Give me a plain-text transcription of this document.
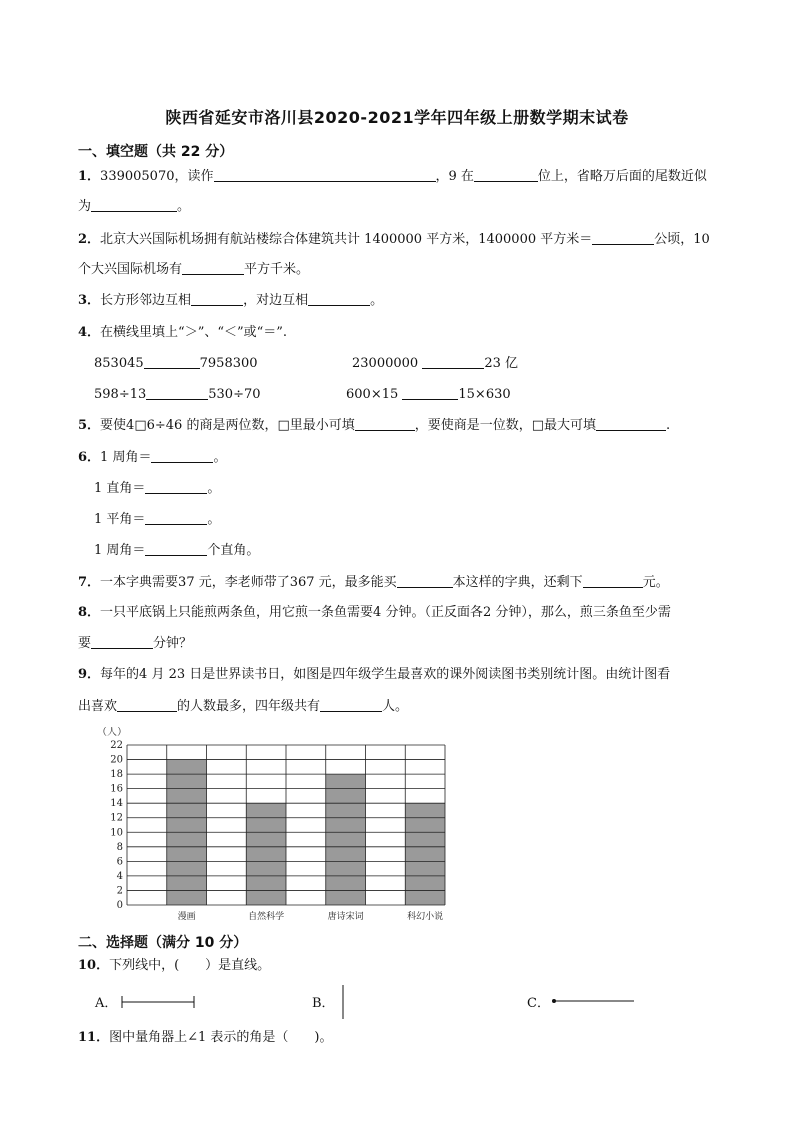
陕西省延安市洛川县2020-2021学年四年级上册数学期末试卷
一、填空题（共 22 分）
1．339005070，读作	，9 在	位上，省略万后面的尾数近似
为	。
2．北京大兴国际机场拥有航站楼综合体建筑共计 1400000 平方米，1400000 平方米＝	公顷，10
个大兴国际机场有	平方千米。
3．长方形邻边互相	，对边互相	。
4．在横线里填上“＞”、“＜”或“＝”.
853045	7958300	23000000	23 亿
598÷13	530÷70	600×15	15×630
5．要使4□6÷46 的商是两位数，□里最小可填	，要使商是一位数，□最大可填	.
6．1 周角＝	。
1 直角＝	。
1 平角＝	。
1 周角＝	个直角。
7．一本字典需要37 元，李老师带了367 元，最多能买	本这样的字典，还剩下	元。
8．一只平底锅上只能煎两条鱼，用它煎一条鱼需要4 分钟。（正反面各2 分钟），那么，煎三条鱼至少需
要	分钟？
9．每年的4 月 23 日是世界读书日，如图是四年级学生最喜欢的课外阅读图书类别统计图。由统计图看
出喜欢	的人数最多，四年级共有	人。
（人）
0
2
4
6
8
10
12
14
16
18
20
22
漫画	自然科学	唐诗宋词	科幻小说
二、选择题（满分 10 分）
10．下列线中，(　　）是直线。
A．	B．	C．
11．图中量角器上∠1 表示的角是（　　)。
